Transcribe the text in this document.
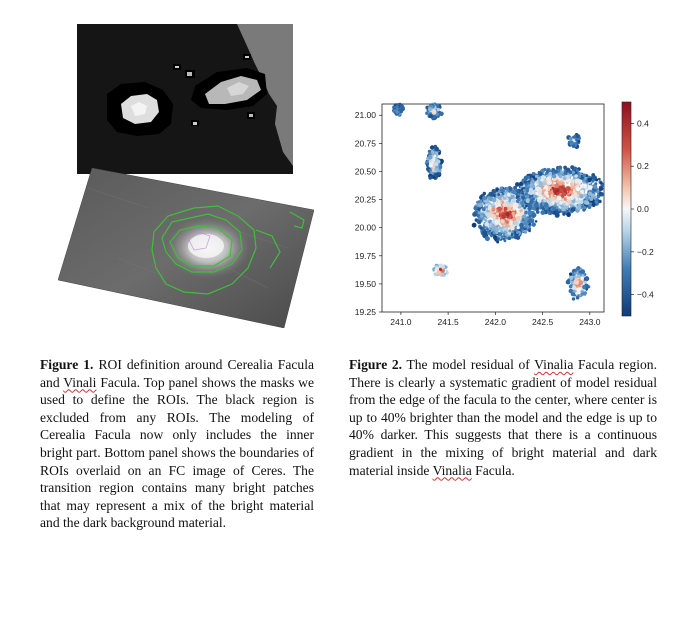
241.0	241.5	242.0	242.5	243.0
19.25
19.50
19.75
20.00
20.25
20.50
20.75
21.00
0.4
0.2
0.0
−0.2
−0.4
Figure 1. ROI definition around Cerealia Facula and Vinali Facula. Top panel shows the masks we used to define the ROIs. The black region is excluded from any ROIs. The modeling of Cerealia Facula now only includes the inner bright part. Bottom panel shows the boundaries of ROIs overlaid on an FC image of Ceres. The transition region contains many bright patches that may represent a mix of the bright material and the dark background material.
Figure 2. The model residual of Vinalia Facula region. There is clearly a systematic gradient of model residual from the edge of the facula to the center, where center is up to 40% brighter than the model and the edge is up to 40% darker. This suggests that there is a continuous gradient in the mixing of bright material and dark material inside Vinalia Facula.
